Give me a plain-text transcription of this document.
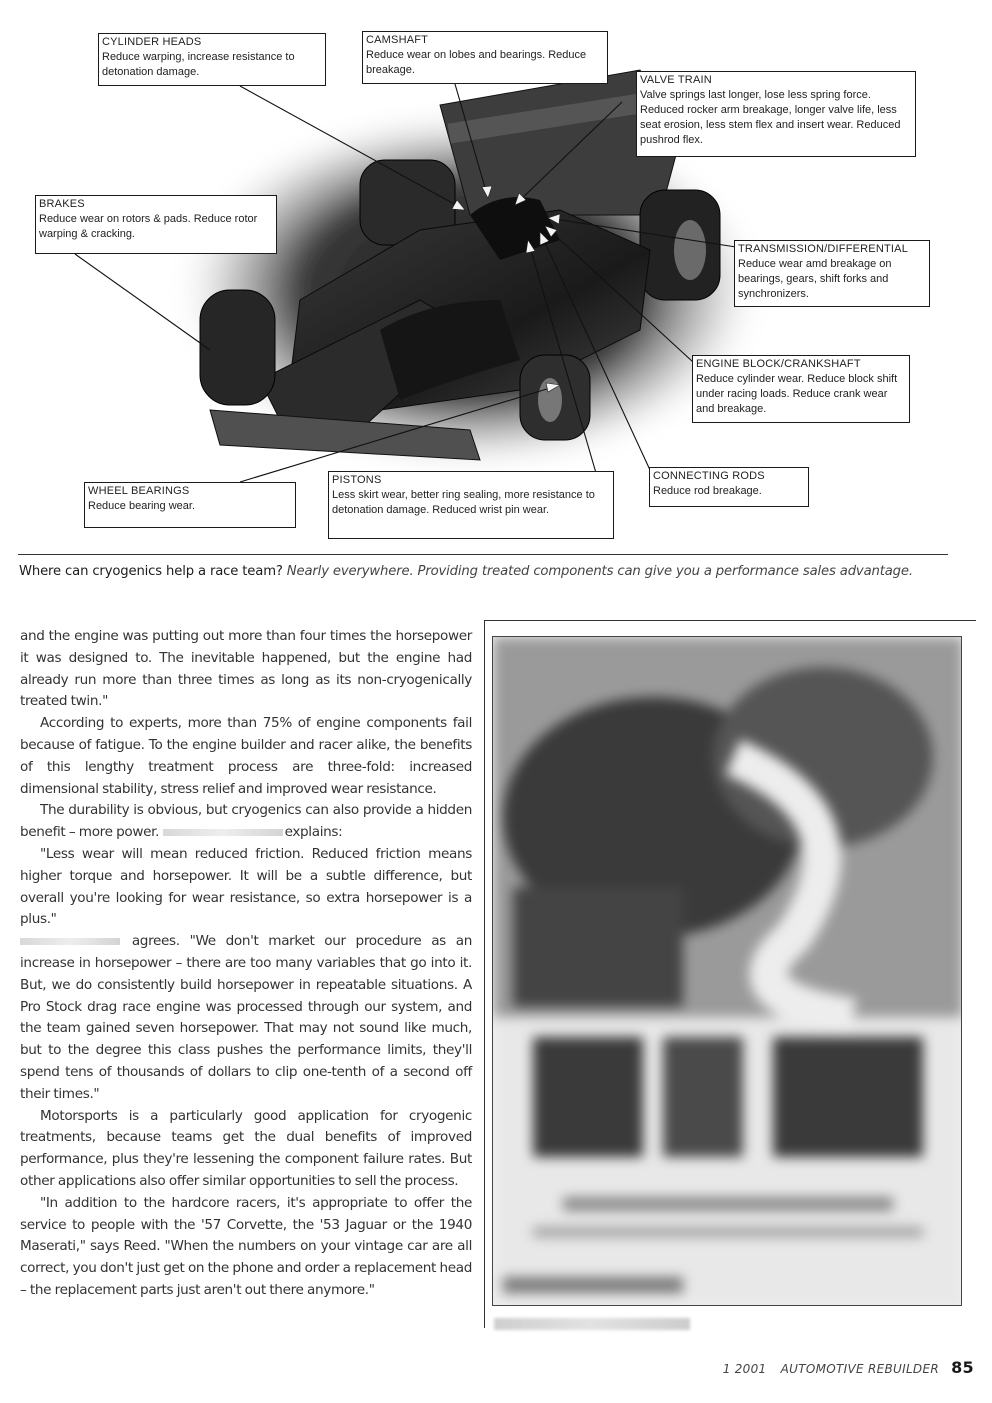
CYLINDER HEADS
Reduce warping, increase resistance to detonation damage.
CAMSHAFT
Reduce wear on lobes and bearings. Reduce breakage.
VALVE TRAIN
Valve springs last longer, lose less spring force. Reduced rocker arm breakage, longer valve life, less seat erosion, less stem flex and insert wear. Reduced pushrod flex.
BRAKES
Reduce wear on rotors & pads. Reduce rotor warping & cracking.
TRANSMISSION/DIFFERENTIAL
Reduce wear amd breakage on bearings, gears, shift forks and synchronizers.
ENGINE BLOCK/CRANKSHAFT
Reduce cylinder wear. Reduce block shift under racing loads. Reduce crank wear and breakage.
CONNECTING RODS
Reduce rod breakage.
WHEEL BEARINGS
Reduce bearing wear.
PISTONS
Less skirt wear, better ring sealing, more resistance to detonation damage. Reduced wrist pin wear.
Where can cryogenics help a race team? Nearly everywhere. Providing treated components can give you a performance sales advantage.

and the engine was putting out more than four times the horsepower it was designed to. The inevitable happened, but the engine had already run more than three times as long as its non-cryogenically treated twin."

According to experts, more than 75% of engine components fail because of fatigue. To the engine builder and racer alike, the benefits of this lengthy treatment process are three-fold: increased dimensional stability, stress relief and improved wear resistance.

The durability is obvious, but cryogenics can also provide a hidden benefit – more power.	explains:

"Less wear will mean reduced friction. Reduced friction means higher torque and horsepower. It will be a subtle difference, but overall you're looking for wear resistance, so extra horsepower is a plus."

agrees. "We don't market our procedure as an increase in horsepower – there are too many variables that go into it. But, we do consistently build horsepower in repeatable situations. A Pro Stock drag race engine was processed through our system, and the team gained seven horsepower. That may not sound like much, but to the degree this class pushes the performance limits, they'll spend tens of thousands of dollars to clip one-tenth of a second off their times."

Motorsports is a particularly good application for cryogenic treatments, because teams get the dual benefits of improved performance, plus they're lessening the component failure rates. But other applications also offer similar opportunities to sell the process.

"In addition to the hardcore racers, it's appropriate to offer the service to people with the '57 Corvette, the '53 Jaguar or the 1940 Maserati," says Reed. "When the numbers on your vintage car are all correct, you don't just get on the phone and order a replacement head – the replacement parts just aren't out there anymore."

1 2001 AUTOMOTIVE REBUILDER 85
